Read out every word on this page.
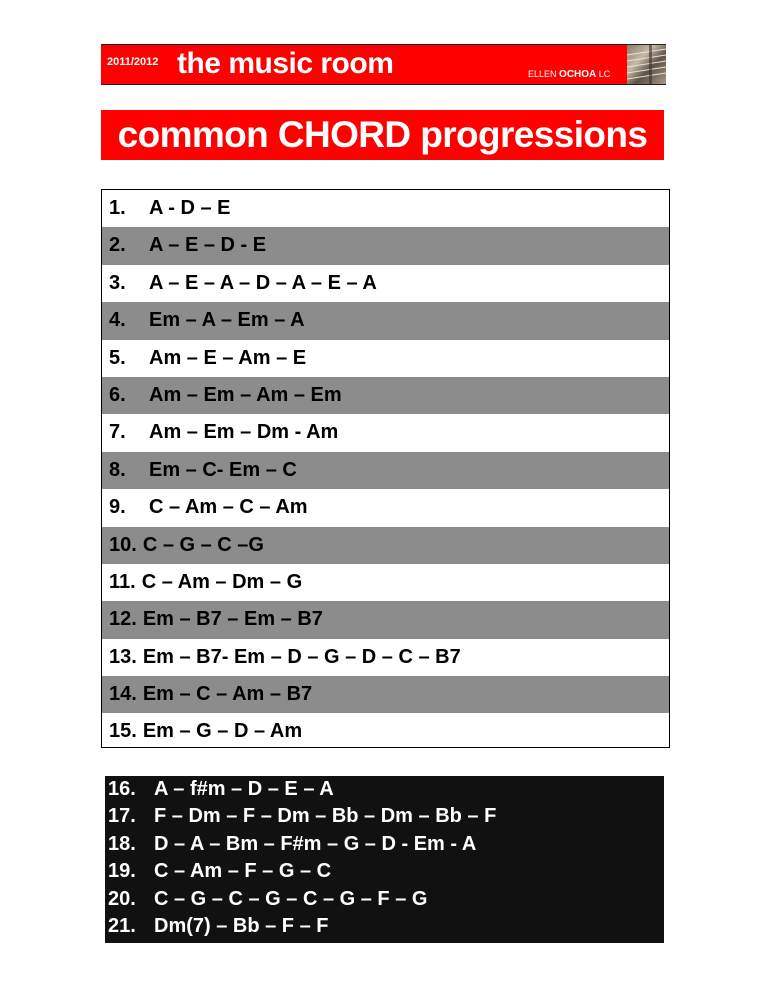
2011/2012 the music room	ELLEN OCHOA LC
common CHORD progressions
1. A - D – E
2. A – E – D - E
3. A – E – A – D – A – E – A
4. Em – A – Em – A
5. Am – E – Am – E
6. Am – Em – Am – Em
7. Am – Em – Dm - Am
8. Em – C- Em – C
9. C – Am – C – Am
10. C – G – C –G
11. C – Am – Dm – G
12. Em – B7 – Em – B7
13. Em – B7- Em – D – G – D – C – B7
14. Em – C – Am – B7
15. Em – G – D – Am
16. A – f#m – D – E – A
17. F – Dm – F – Dm – Bb – Dm – Bb – F
18. D – A – Bm – F#m – G – D - Em - A
19. C – Am – F – G – C
20. C – G – C – G – C – G – F – G
21. Dm(7) – Bb – F – F
